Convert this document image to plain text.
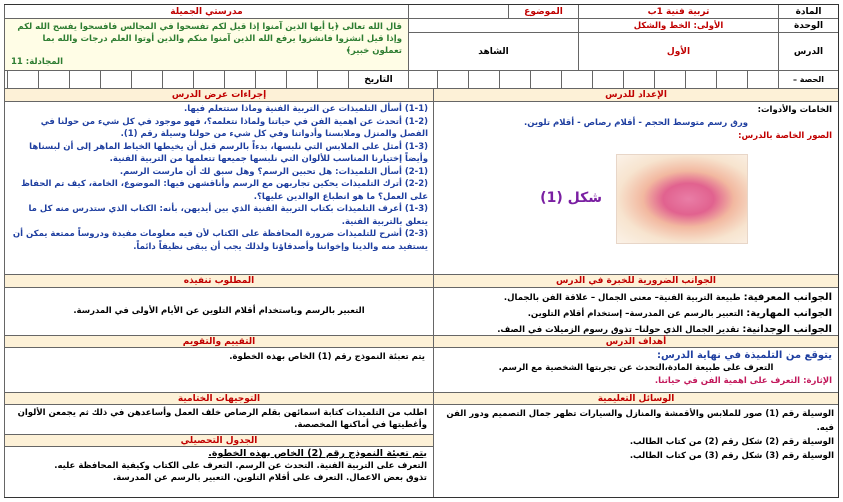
المادة
تربية فنية 1ب
الموضوع
مدرستي الجميلة
الوحدة
الأولى: الخط والشكل
الدرس
الأول
الشاهد
قال الله تعالى ﴿يا أيها الذين آمنوا إذا قيل لكم تفسحوا في المجالس فافسحوا يفسح الله لكم وإذا قيل انشزوا فانشزوا يرفع الله الذين آمنوا منكم والذين أوتوا العلم درجات والله بما تعملون خبير﴾
المجادلة: 11
الحصة –
التاريخ
الإعداد للدرس
الخامات والأدوات:
ورق رسم متوسط الحجم - أقلام رصاص - أقلام تلوين.
الصور الخاصة بالدرس:
شكل (1)
الجوانب الضرورية للخبرة في الدرس
الجوانب المعرفية: طبيعة التربية الفنية– معنى الجمال – علاقة الفن بالجمال.
الجوانب المهارية: التعبير بالرسم عن المدرسة– إستخدام أقلام التلوين.
الجوانب الوجدانية: تقدير الجمال الذي حولنا– تذوق رسوم الزميلات في الصف.
أهداف الدرس
يتوقع من التلميذة في نهاية الدرس:
التعرف على طبيعة المادة،التحدث عن تجربتها الشخصية مع الرسم.
الإثارة: التعرف على اهمية الفن في حياتنا.
الوسائل التعليمية
الوسيلة رقم (1) صور للملابس والأقمشة والمنازل والسيارات تظهر جمال التصميم ودور الفن فيه.
الوسيلة رقم (2) شكل رقم (2) من كتاب الطالب.
الوسيلة رقم (3) شكل رقم (3) من كتاب الطالب.
إجراءات عرض الدرس
(1-1) أسأل التلميذات عن التربية الفنية وماذا ستتعلم فيها.
(1-2) أتحدث عن اهمية الفن في حياتنا ولماذا نتعلمه؟، فهو موجود في كل شيء من حولنا في الفصل والمنزل وملابسنا وأدواتنا وفي كل شيء من حولنا وسيلة رقم (1).
(1-3) أمثل على الملابس التي نلبسها، بدءاً بالرسم قبل أن يخيطها الخياط الماهر إلى أن لبسناها وأيضاً إختيارنا المناسب للألوان التي نلبسها جميعها تتعلمها من التربية الفنية.
(2-1) أسأل التلميذات: هل تحبين الرسم؟ وهل سبق لك أن مارست الرسم.
(2-2) أترك التلميذات يحكين تجاربهن مع الرسم وأناقشهن فيها: الموضوع، الخامة، كيف تم الحفاظ على العمل؟ ما هو انطباع الوالدين عليها؟.
(1-3) أعرف التلميذات بكتاب التربية الفنية الذي بين أيديهن، بأنه: الكتاب الذي ستدرس منه كل ما يتعلق بالتربية الفنية.
(2-3) أشرح للتلميذات ضرورة المحافظة على الكتاب لأن فيه معلومات مفيدة ودروساً ممتعة يمكن أن يستفيد منه والدينا وإخواننا وأصدقاؤنا ولذلك يجب أن يبقى نظيفاً دائماً.
المطلوب تنفيذه
التعبير بالرسم وباستخدام أقلام التلوين عن الأيام الأولى في المدرسة.
التقييم والتقويم
يتم تعبئة النموذج رقم (1) الخاص بهذه الخطوة.
التوجيهات الختامية
اطلب من التلميذات كتابة اسمائهن بقلم الرصاص خلف العمل وأساعدهن في ذلك ثم يجمعن الألوان وأغطيتها في أماكنها المخصصة.
الجدول التحصيلي
يتم تعبئة النموذج رقم (2) الخاص بهذه الخطوة.
التعرف على التربية الفنية. التحدث عن الرسم. التعرف على الكتاب وكيفية المحافظة عليه.
تذوق بعض الاعمال. التعرف على أقلام التلوين. التعبير بالرسم عن المدرسة.
